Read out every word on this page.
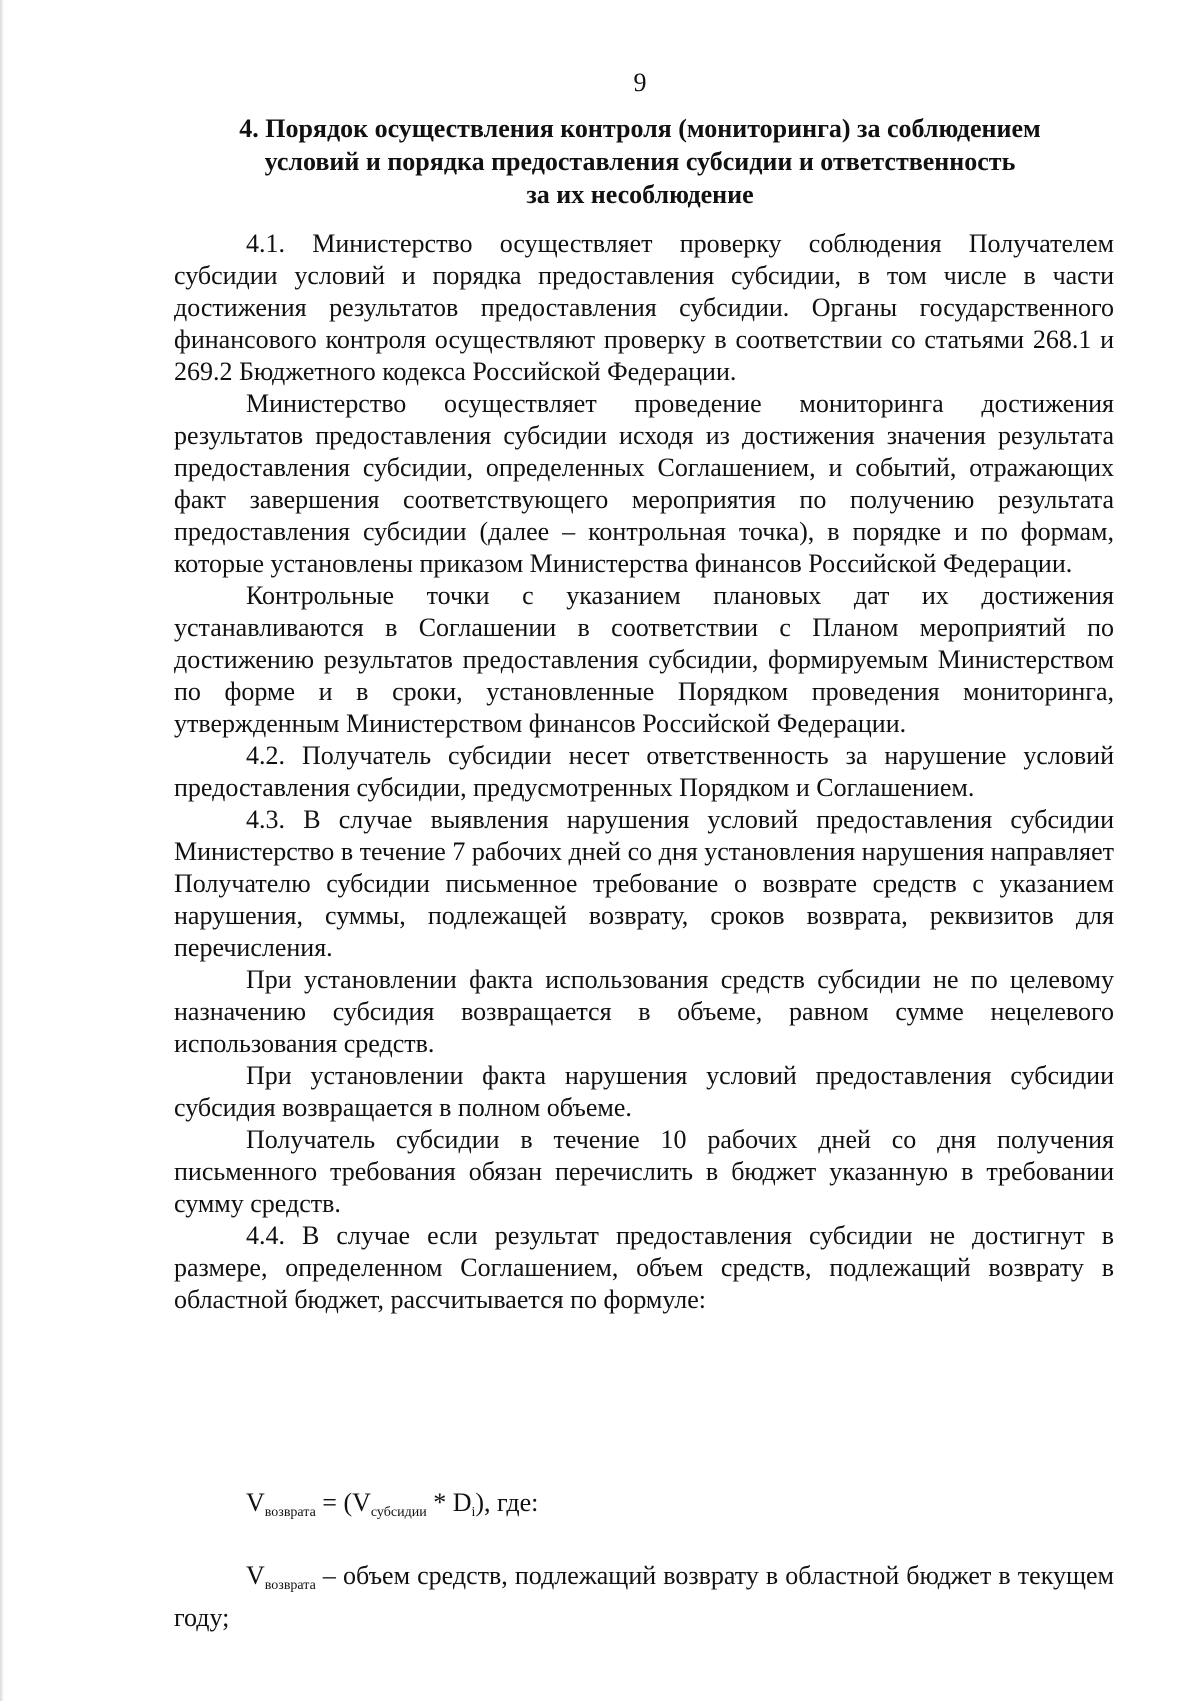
9
4. Порядок осуществления контроля (мониторинга) за соблюдением
условий и порядка предоставления субсидии и ответственность
за их несоблюдение

4.1. Министерство осуществляет проверку соблюдения Получателем субсидии условий и порядка предоставления субсидии, в том числе в части достижения результатов предоставления субсидии. Органы государственного финансового контроля осуществляют проверку в соответствии со статьями 268.1 и 269.2 Бюджетного кодекса Российской Федерации.

Министерство осуществляет проведение мониторинга достижения результатов предоставления субсидии исходя из достижения значения результата предоставления субсидии, определенных Соглашением, и событий, отражающих факт завершения соответствующего мероприятия по получению результата предоставления субсидии (далее – контрольная точка), в порядке и по формам, которые установлены приказом Министерства финансов Российской Федерации.

Контрольные точки с указанием плановых дат их достижения устанавливаются в Соглашении в соответствии с Планом мероприятий по достижению результатов предоставления субсидии, формируемым Министерством по форме и в сроки, установленные Порядком проведения мониторинга, утвержденным Министерством финансов Российской Федерации.

4.2. Получатель субсидии несет ответственность за нарушение условий предоставления субсидии, предусмотренных Порядком и Соглашением.

4.3. В случае выявления нарушения условий предоставления субсидии Министерство в течение 7 рабочих дней со дня установления нарушения направляет Получателю субсидии письменное требование о возврате средств с указанием нарушения, суммы, подлежащей возврату, сроков возврата, реквизитов для перечисления.

При установлении факта использования средств субсидии не по целевому назначению субсидия возвращается в объеме, равном сумме нецелевого использования средств.

При установлении факта нарушения условий предоставления субсидии субсидия возвращается в полном объеме.

Получатель субсидии в течение 10 рабочих дней со дня получения письменного требования обязан перечислить в бюджет указанную в требовании сумму средств.

4.4. В случае если результат предоставления субсидии не достигнут в размере, определенном Соглашением, объем средств, подлежащий возврату в областной бюджет, рассчитывается по формуле:

$V_{возврата} = (V_{субсидии} * D_i)$, где:

$V_{возврата}$ – объем средств, подлежащий возврату в областной бюджет в текущем году;
